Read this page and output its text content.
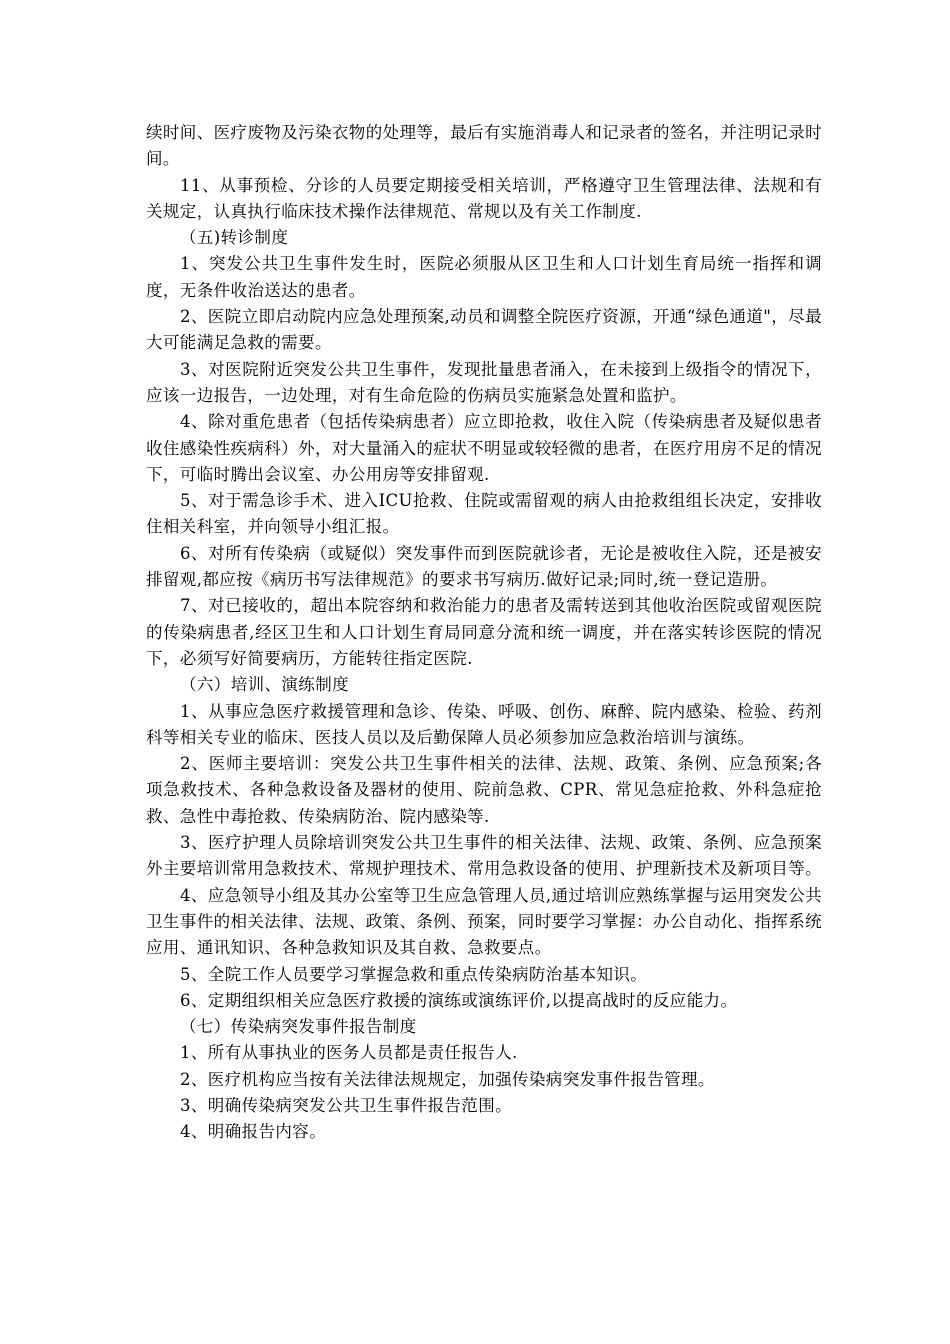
续时间、医疗废物及污染衣物的处理等，最后有实施消毒人和记录者的签名，并注明记录时间。

11、从事预检、分诊的人员要定期接受相关培训，严格遵守卫生管理法律、法规和有关规定，认真执行临床技术操作法律规范、常规以及有关工作制度.

（五)转诊制度

1、突发公共卫生事件发生时，医院必须服从区卫生和人口计划生育局统一指挥和调度，无条件收治送达的患者。

2、医院立即启动院内应急处理预案,动员和调整全院医疗资源，开通“绿色通道"，尽最大可能满足急救的需要。

3、对医院附近突发公共卫生事件，发现批量患者涌入，在未接到上级指令的情况下，应该一边报告，一边处理，对有生命危险的伤病员实施紧急处置和监护。

4、除对重危患者（包括传染病患者）应立即抢救，收住入院（传染病患者及疑似患者收住感染性疾病科）外，对大量涌入的症状不明显或较轻微的患者，在医疗用房不足的情况下，可临时腾出会议室、办公用房等安排留观.

5、对于需急诊手术、进入ICU抢救、住院或需留观的病人由抢救组组长决定，安排收住相关科室，并向领导小组汇报。

6、对所有传染病（或疑似）突发事件而到医院就诊者，无论是被收住入院，还是被安排留观,都应按《病历书写法律规范》的要求书写病历.做好记录;同时,统一登记造册。

7、对已接收的，超出本院容纳和救治能力的患者及需转送到其他收治医院或留观医院的传染病患者,经区卫生和人口计划生育局同意分流和统一调度，并在落实转诊医院的情况下，必须写好简要病历，方能转往指定医院.

（六）培训、演练制度

1、从事应急医疗救援管理和急诊、传染、呼吸、创伤、麻醉、院内感染、检验、药剂科等相关专业的临床、医技人员以及后勤保障人员必须参加应急救治培训与演练。

2、医师主要培训：突发公共卫生事件相关的法律、法规、政策、条例、应急预案;各项急救技术、各种急救设备及器材的使用、院前急救、CPR、常见急症抢救、外科急症抢救、急性中毒抢救、传染病防治、院内感染等.

3、医疗护理人员除培训突发公共卫生事件的相关法律、法规、政策、条例、应急预案外主要培训常用急救技术、常规护理技术、常用急救设备的使用、护理新技术及新项目等。

4、应急领导小组及其办公室等卫生应急管理人员,通过培训应熟练掌握与运用突发公共卫生事件的相关法律、法规、政策、条例、预案，同时要学习掌握：办公自动化、指挥系统应用、通讯知识、各种急救知识及其自救、急救要点。

5、全院工作人员要学习掌握急救和重点传染病防治基本知识。

6、定期组织相关应急医疗救援的演练或演练评价,以提高战时的反应能力。

（七）传染病突发事件报告制度

1、所有从事执业的医务人员都是责任报告人.

2、医疗机构应当按有关法律法规规定，加强传染病突发事件报告管理。

3、明确传染病突发公共卫生事件报告范围。

4、明确报告内容。
